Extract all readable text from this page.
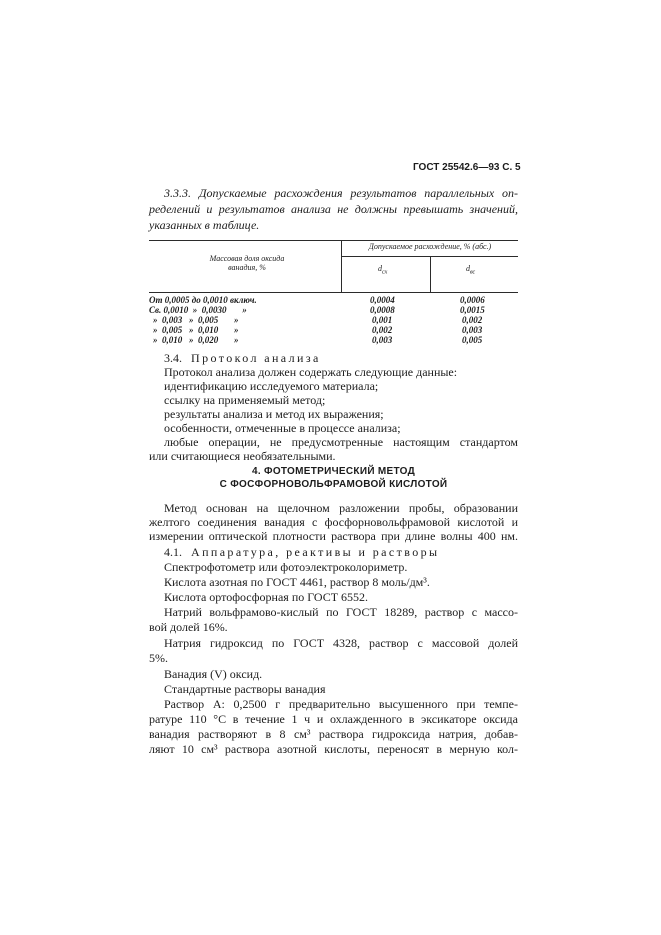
ГОСТ 25542.6—93 С. 5
3.3.3. Допускаемые расхождения результатов параллельных оп-
ределений и результатов анализа не должны превышать значений,
указанных в таблице.
Массовая доля оксида
ванадия, %
Допускаемое расхождение, % (абс.)
$d_{сх}$	$d_{вс}$
От 0,0005 до 0,0010 включ.
Св. 0,0010  »  0,0030       »
»  0,003   »  0,005       »
»  0,005   »  0,010       »
»  0,010   »  0,020       »
0,0004
0,0008
0,001
0,002
0,003
0,0006
0,0015
0,002
0,003
0,005
3.4. Протокол анализа
Протокол анализа должен содержать следующие данные:
идентификацию исследуемого материала;
ссылку на применяемый метод;
результаты анализа и метод их выражения;
особенности, отмеченные в процессе анализа;
любые операции, не предусмотренные настоящим стандартом
или считающиеся необязательными.
4. ФОТОМЕТРИЧЕСКИЙ МЕТОД
С ФОСФОРНОВОЛЬФРАМОВОЙ КИСЛОТОЙ
Метод основан на щелочном разложении пробы, образовании
желтого соединения ванадия с фосфорновольфрамовой кислотой и
измерении оптической плотности раствора при длине волны 400 нм.
4.1. Аппаратура, реактивы и растворы
Спектрофотометр или фотоэлектроколориметр.
Кислота азотная по ГОСТ 4461, раствор 8 моль/дм³.
Кислота ортофосфорная по ГОСТ 6552.
Натрий вольфрамово-кислый по ГОСТ 18289, раствор с массо-
вой долей 16%.
Натрия гидроксид по ГОСТ 4328, раствор с массовой долей
5%.
Ванадия (V) оксид.
Стандартные растворы ванадия
Раствор А: 0,2500 г предварительно высушенного при темпе-
ратуре 110 °С в течение 1 ч и охлажденного в эксикаторе оксида
ванадия растворяют в 8 см³ раствора гидроксида натрия, добав-
ляют 10 см³ раствора азотной кислоты, переносят в мерную кол-
